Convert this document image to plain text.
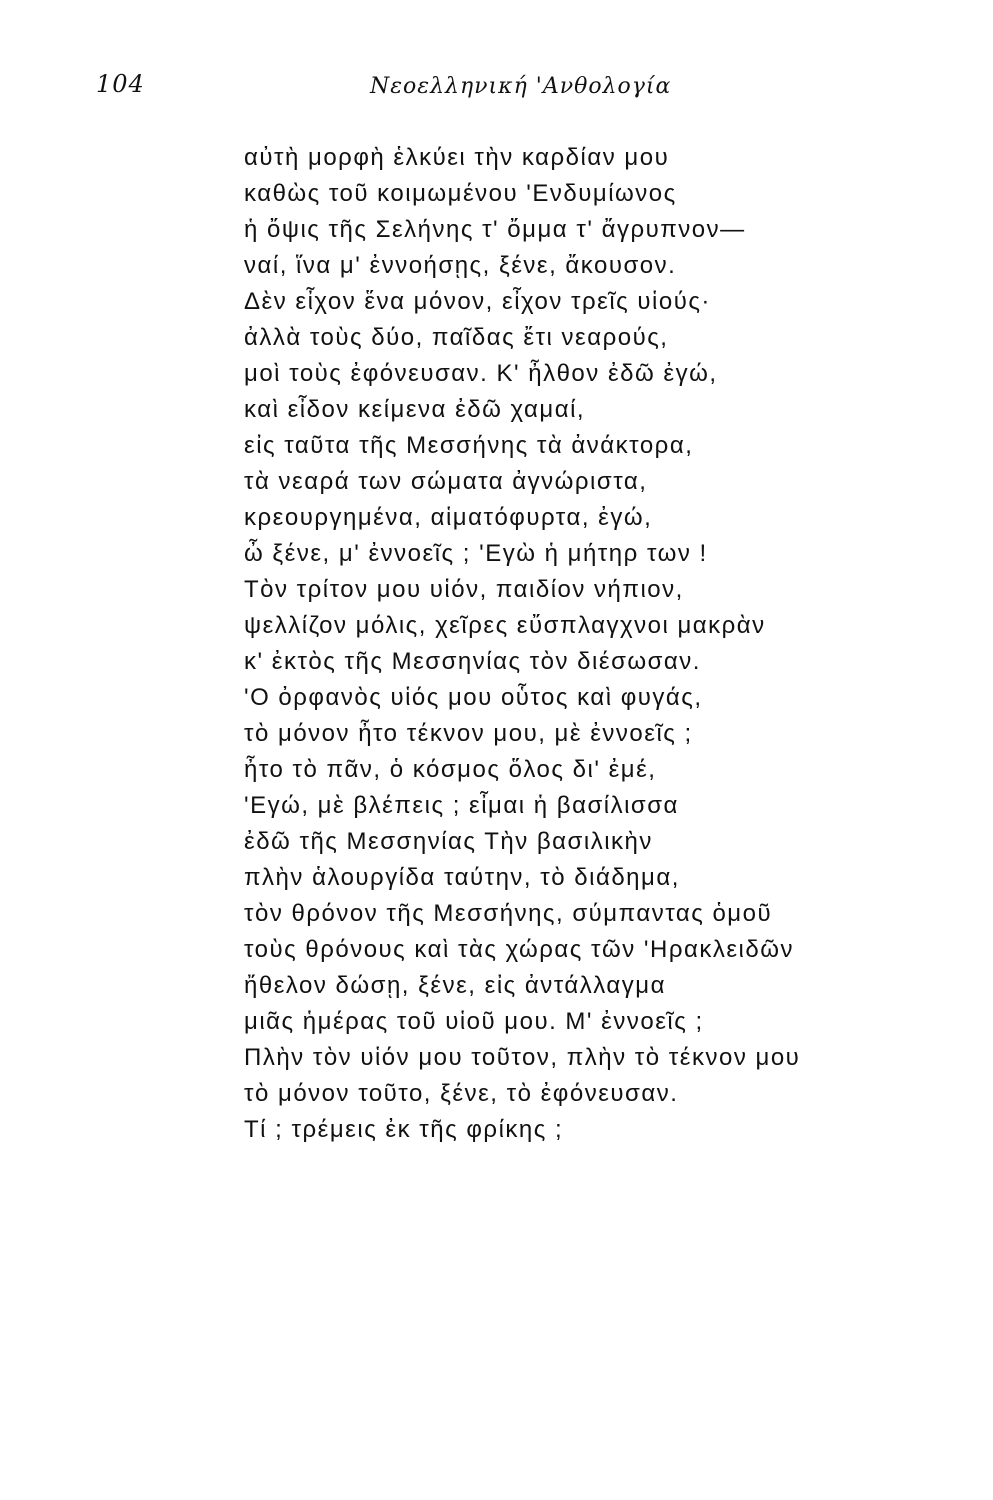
104	Νεοελληνική 'Ανθολογία
αὐτὴ μορφὴ ἑλκύει τὴν καρδίαν μου
καθὼς τοῦ κοιμωμένου 'Ενδυμίωνος
ἡ ὄψις τῆς Σελήνης τ' ὄμμα τ' ἄγρυπνον—
ναί, ἵνα μ' ἐννοήσῃς, ξένε, ἄκουσον.
Δὲν εἶχον ἕνα μόνον, εἶχον τρεῖς υἱούς·
ἀλλὰ τοὺς δύο, παῖδας ἔτι νεαρούς,
μοὶ τοὺς ἐφόνευσαν. Κ' ἦλθον ἐδῶ ἐγώ,
καὶ εἶδον κείμενα ἐδῶ χαμαί,
εἰς ταῦτα τῆς Μεσσήνης τὰ ἀνάκτορα,
τὰ νεαρά των σώματα ἀγνώριστα,
κρεουργημένα, αἱματόφυρτα, ἐγώ,
ὦ ξένε, μ' ἐννοεῖς ; 'Εγὼ ἡ μήτηρ των !
Τὸν τρίτον μου υἱόν, παιδίον νήπιον,
ψελλίζον μόλις, χεῖρες εὔσπλαγχνοι μακρὰν
κ' ἐκτὸς τῆς Μεσσηνίας τὸν διέσωσαν.
'Ο ὀρφανὸς υἱός μου οὗτος καὶ φυγάς,
τὸ μόνον ἦτο τέκνον μου, μὲ ἐννοεῖς ;
ἦτο τὸ πᾶν, ὁ κόσμος ὅλος δι' ἐμέ,
'Εγώ, μὲ βλέπεις ; εἶμαι ἡ βασίλισσα
ἐδῶ τῆς Μεσσηνίας Τὴν βασιλικὴν
πλὴν ἁλουργίδα ταύτην, τὸ διάδημα,
τὸν θρόνον τῆς Μεσσήνης, σύμπαντας ὁμοῦ
τοὺς θρόνους καὶ τὰς χώρας τῶν 'Ηρακλειδῶν
ἤθελον δώσῃ, ξένε, εἰς ἀντάλλαγμα
μιᾶς ἡμέρας τοῦ υἱοῦ μου. Μ' ἐννοεῖς ;
Πλὴν τὸν υἱόν μου τοῦτον, πλὴν τὸ τέκνον μου
τὸ μόνον τοῦτο, ξένε, τὸ ἐφόνευσαν.
Τί ; τρέμεις ἐκ τῆς φρίκης ;
